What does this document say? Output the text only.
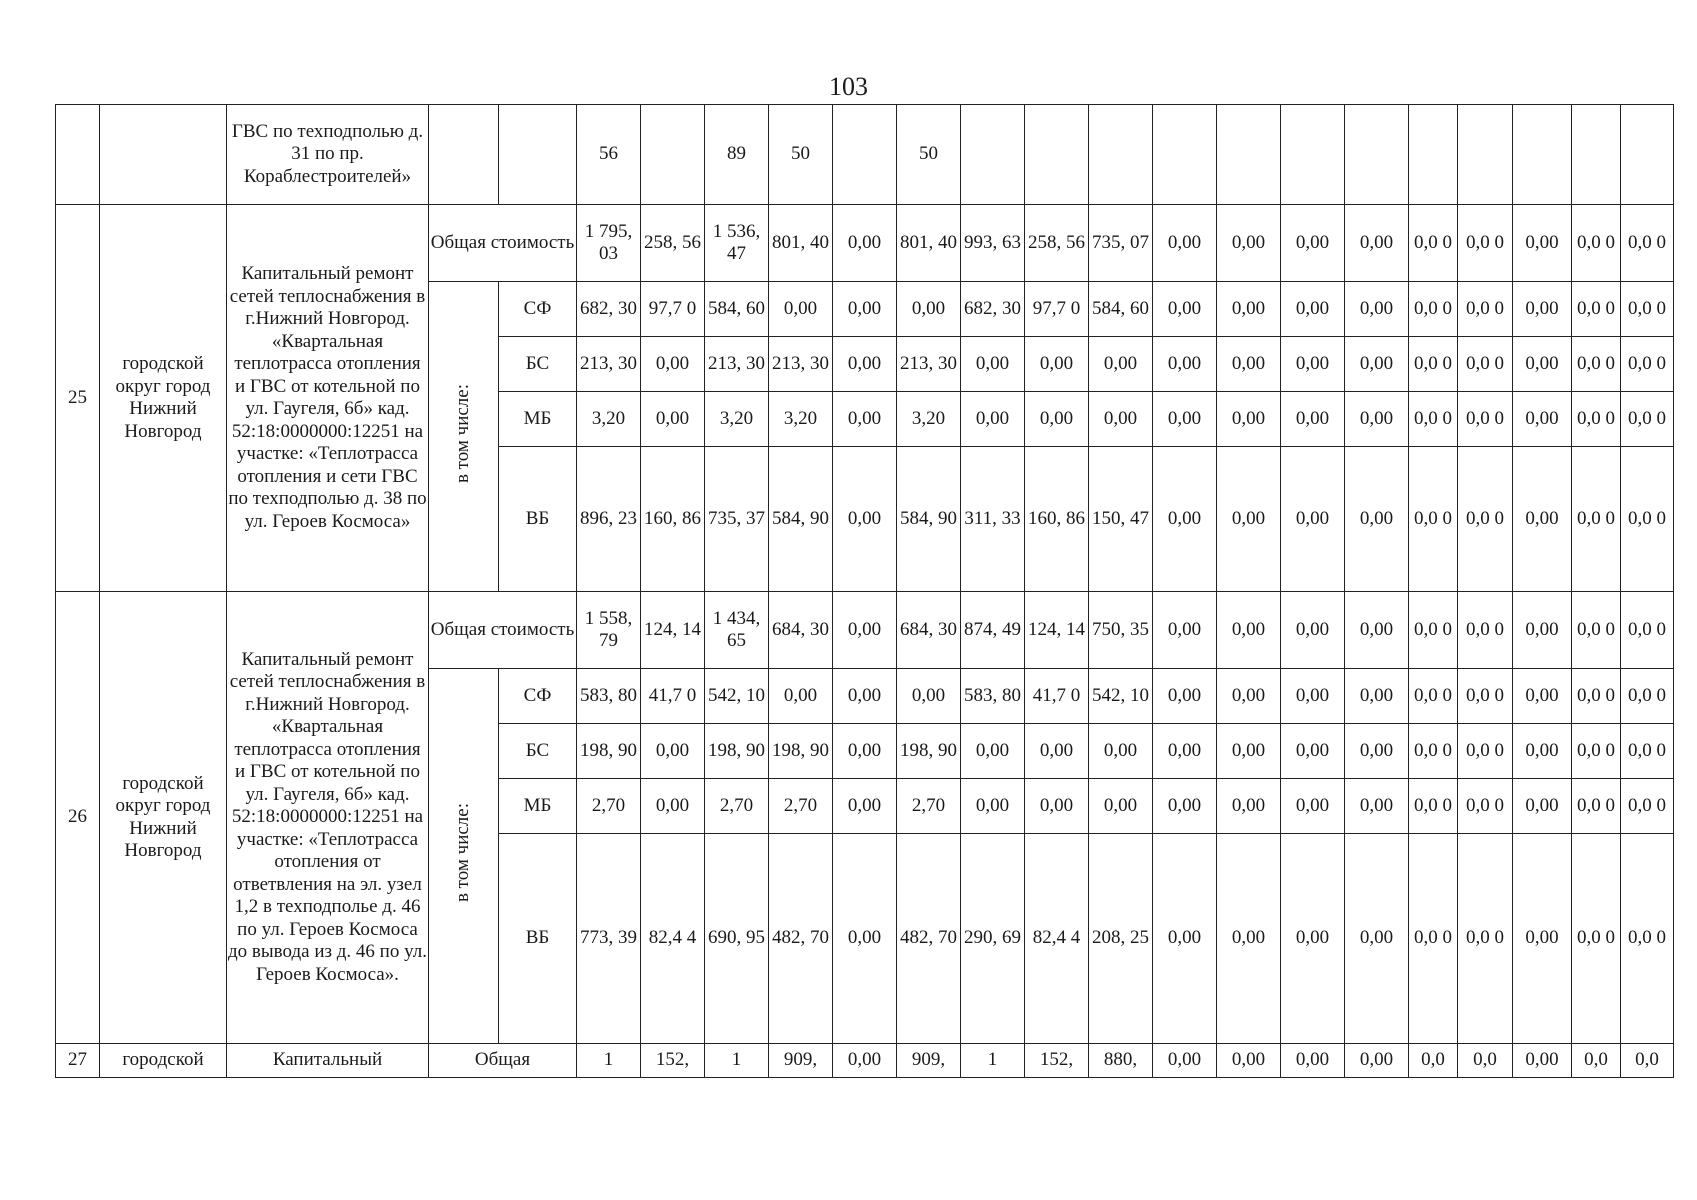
103
		ГВС по техподполью д. 31 по пр. Кораблестроителей»			56		89	50		50												
25	городской округ город Нижний Новгород	Капитальный ремонт сетей теплоснабжения в г.Нижний Новгород. «Квартальная теплотрасса отопления и ГВС от котельной по ул. Гаугеля, 6б» кад. 52:18:0000000:12251 на участке: «Теплотрасса отопления и сети ГВС по техподполью д. 38 по ул. Героев Космоса»	Общая стоимость		1 795, 03	258, 56	1 536, 47	801, 40	0,00	801, 40	993, 63	258, 56	735, 07	0,00	0,00	0,00	0,00	0,0 0	0,0 0	0,00	0,0 0	0,0 0
			в том числе:	СФ	682, 30	97,7 0	584, 60	0,00	0,00	0,00	682, 30	97,7 0	584, 60	0,00	0,00	0,00	0,00	0,0 0	0,0 0	0,00	0,0 0	0,0 0
				БС	213, 30	0,00	213, 30	213, 30	0,00	213, 30	0,00	0,00	0,00	0,00	0,00	0,00	0,00	0,0 0	0,0 0	0,00	0,0 0	0,0 0
				МБ	3,20	0,00	3,20	3,20	0,00	3,20	0,00	0,00	0,00	0,00	0,00	0,00	0,00	0,0 0	0,0 0	0,00	0,0 0	0,0 0
				ВБ	896, 23	160, 86	735, 37	584, 90	0,00	584, 90	311, 33	160, 86	150, 47	0,00	0,00	0,00	0,00	0,0 0	0,0 0	0,00	0,0 0	0,0 0
26	городской округ город Нижний Новгород	Капитальный ремонт сетей теплоснабжения в г.Нижний Новгород. «Квартальная теплотрасса отопления и ГВС от котельной по ул. Гаугеля, 6б» кад. 52:18:0000000:12251 на участке: «Теплотрасса отопления от ответвления на эл. узел 1,2 в техподполье д. 46 по ул. Героев Космоса до вывода из д. 46 по ул. Героев Космоса».	Общая стоимость		1 558, 79	124, 14	1 434, 65	684, 30	0,00	684, 30	874, 49	124, 14	750, 35	0,00	0,00	0,00	0,00	0,0 0	0,0 0	0,00	0,0 0	0,0 0
			в том числе:	СФ	583, 80	41,7 0	542, 10	0,00	0,00	0,00	583, 80	41,7 0	542, 10	0,00	0,00	0,00	0,00	0,0 0	0,0 0	0,00	0,0 0	0,0 0
				БС	198, 90	0,00	198, 90	198, 90	0,00	198, 90	0,00	0,00	0,00	0,00	0,00	0,00	0,00	0,0 0	0,0 0	0,00	0,0 0	0,0 0
				МБ	2,70	0,00	2,70	2,70	0,00	2,70	0,00	0,00	0,00	0,00	0,00	0,00	0,00	0,0 0	0,0 0	0,00	0,0 0	0,0 0
				ВБ	773, 39	82,4 4	690, 95	482, 70	0,00	482, 70	290, 69	82,4 4	208, 25	0,00	0,00	0,00	0,00	0,0 0	0,0 0	0,00	0,0 0	0,0 0
27	городской	Капитальный	Общая		1	152,	1	909,	0,00	909,	1	152,	880,	0,00	0,00	0,00	0,00	0,0	0,0	0,00	0,0	0,0
